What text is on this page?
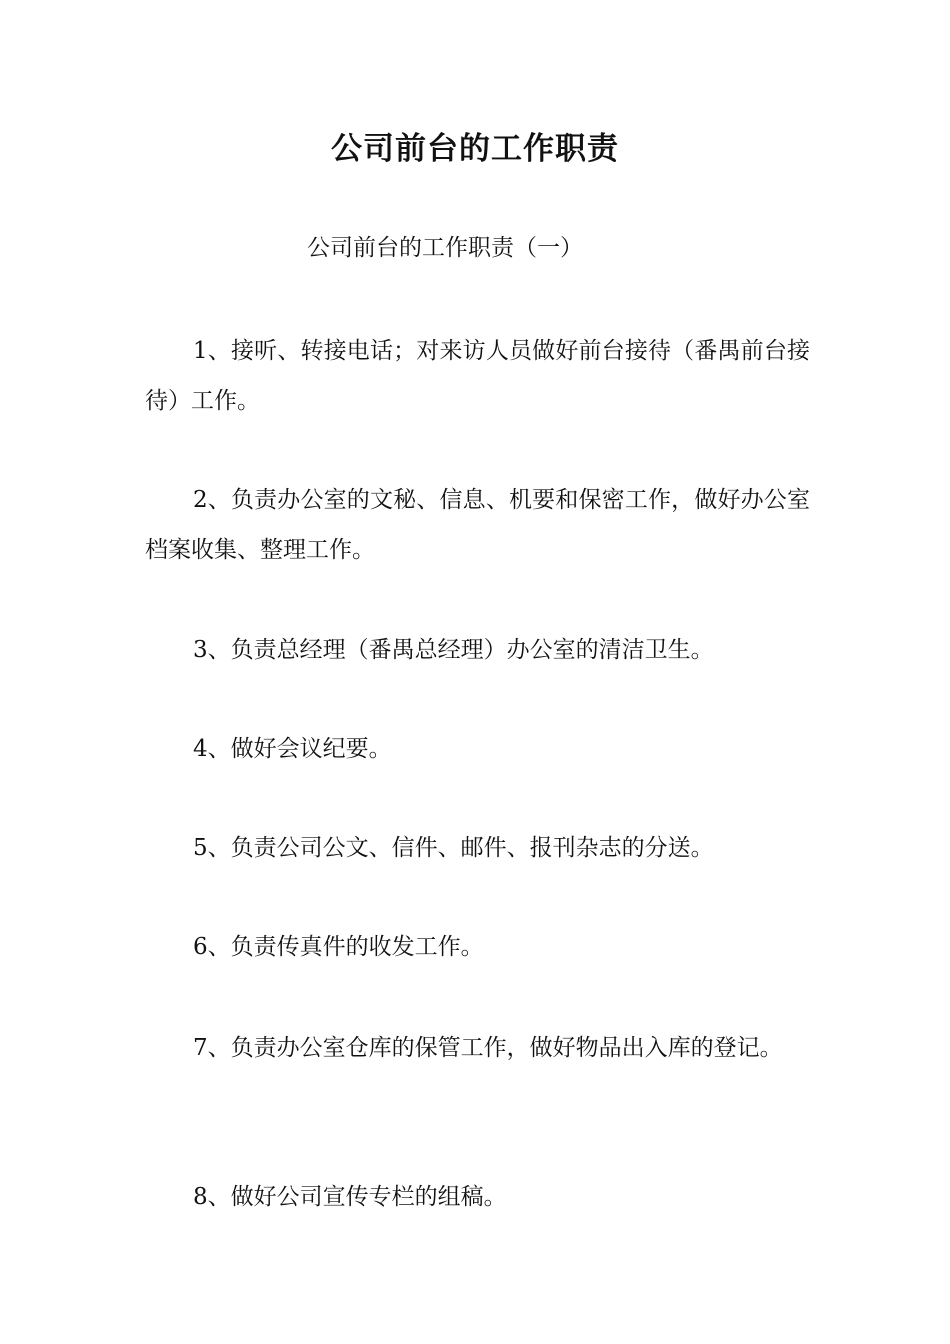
公司前台的工作职责
公司前台的工作职责（一）
1、接听、转接电话；对来访人员做好前台接待（番禺前台接待）工作。
2、负责办公室的文秘、信息、机要和保密工作，做好办公室档案收集、整理工作。
3、负责总经理（番禺总经理）办公室的清洁卫生。
4、做好会议纪要。
5、负责公司公文、信件、邮件、报刊杂志的分送。
6、负责传真件的收发工作。
7、负责办公室仓库的保管工作，做好物品出入库的登记。
8、做好公司宣传专栏的组稿。
